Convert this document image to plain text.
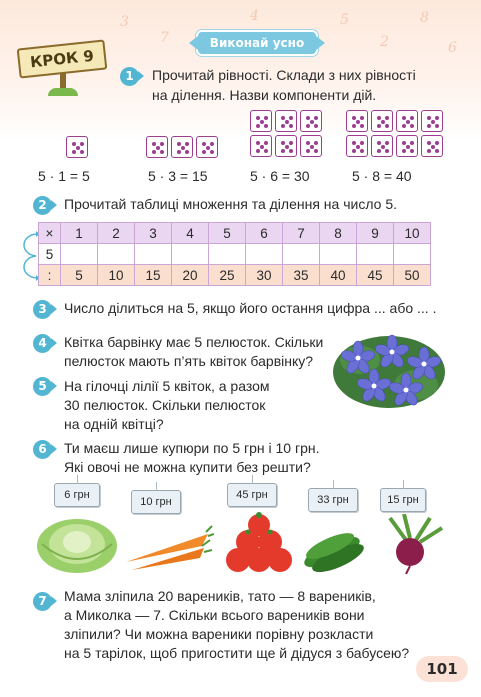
3
7
5
2
8
6
4
КРОК 9
Виконай усно
1	Прочитай рівності. Склади з них рівності
на ділення. Назви компоненти дій.
5 · 1 = 5	5 · 3 = 15	5 · 6 = 30	5 · 8 = 40
2	Прочитай таблиці множення та ділення на число 5.
×	1	2	3	4	5	6	7	8	9	10
5										
:	5	10	15	20	25	30	35	40	45	50
3	Число ділиться на 5, якщо його остання цифра ... або ... .
4	Квітка барвінку має 5 пелюсток. Скільки
пелюсток мають п’ять квіток барвінку?
5	На гілочці лілії 5 квіток, а разом
30 пелюсток. Скільки пелюсток
на одній квітці?
6	Ти маєш лише купюри по 5 грн і 10 грн.
Які овочі не можна купити без решти?
6 грн
10 грн
45 грн	33 грн	15 грн
7	Мама зліпила 20 вареників, тато — 8 вареників,
а Миколка — 7. Скільки всього вареників вони
зліпили? Чи можна вареники порівну розкласти
на 5 тарілок, щоб пригостити ще й дідуся з бабусею?
101
